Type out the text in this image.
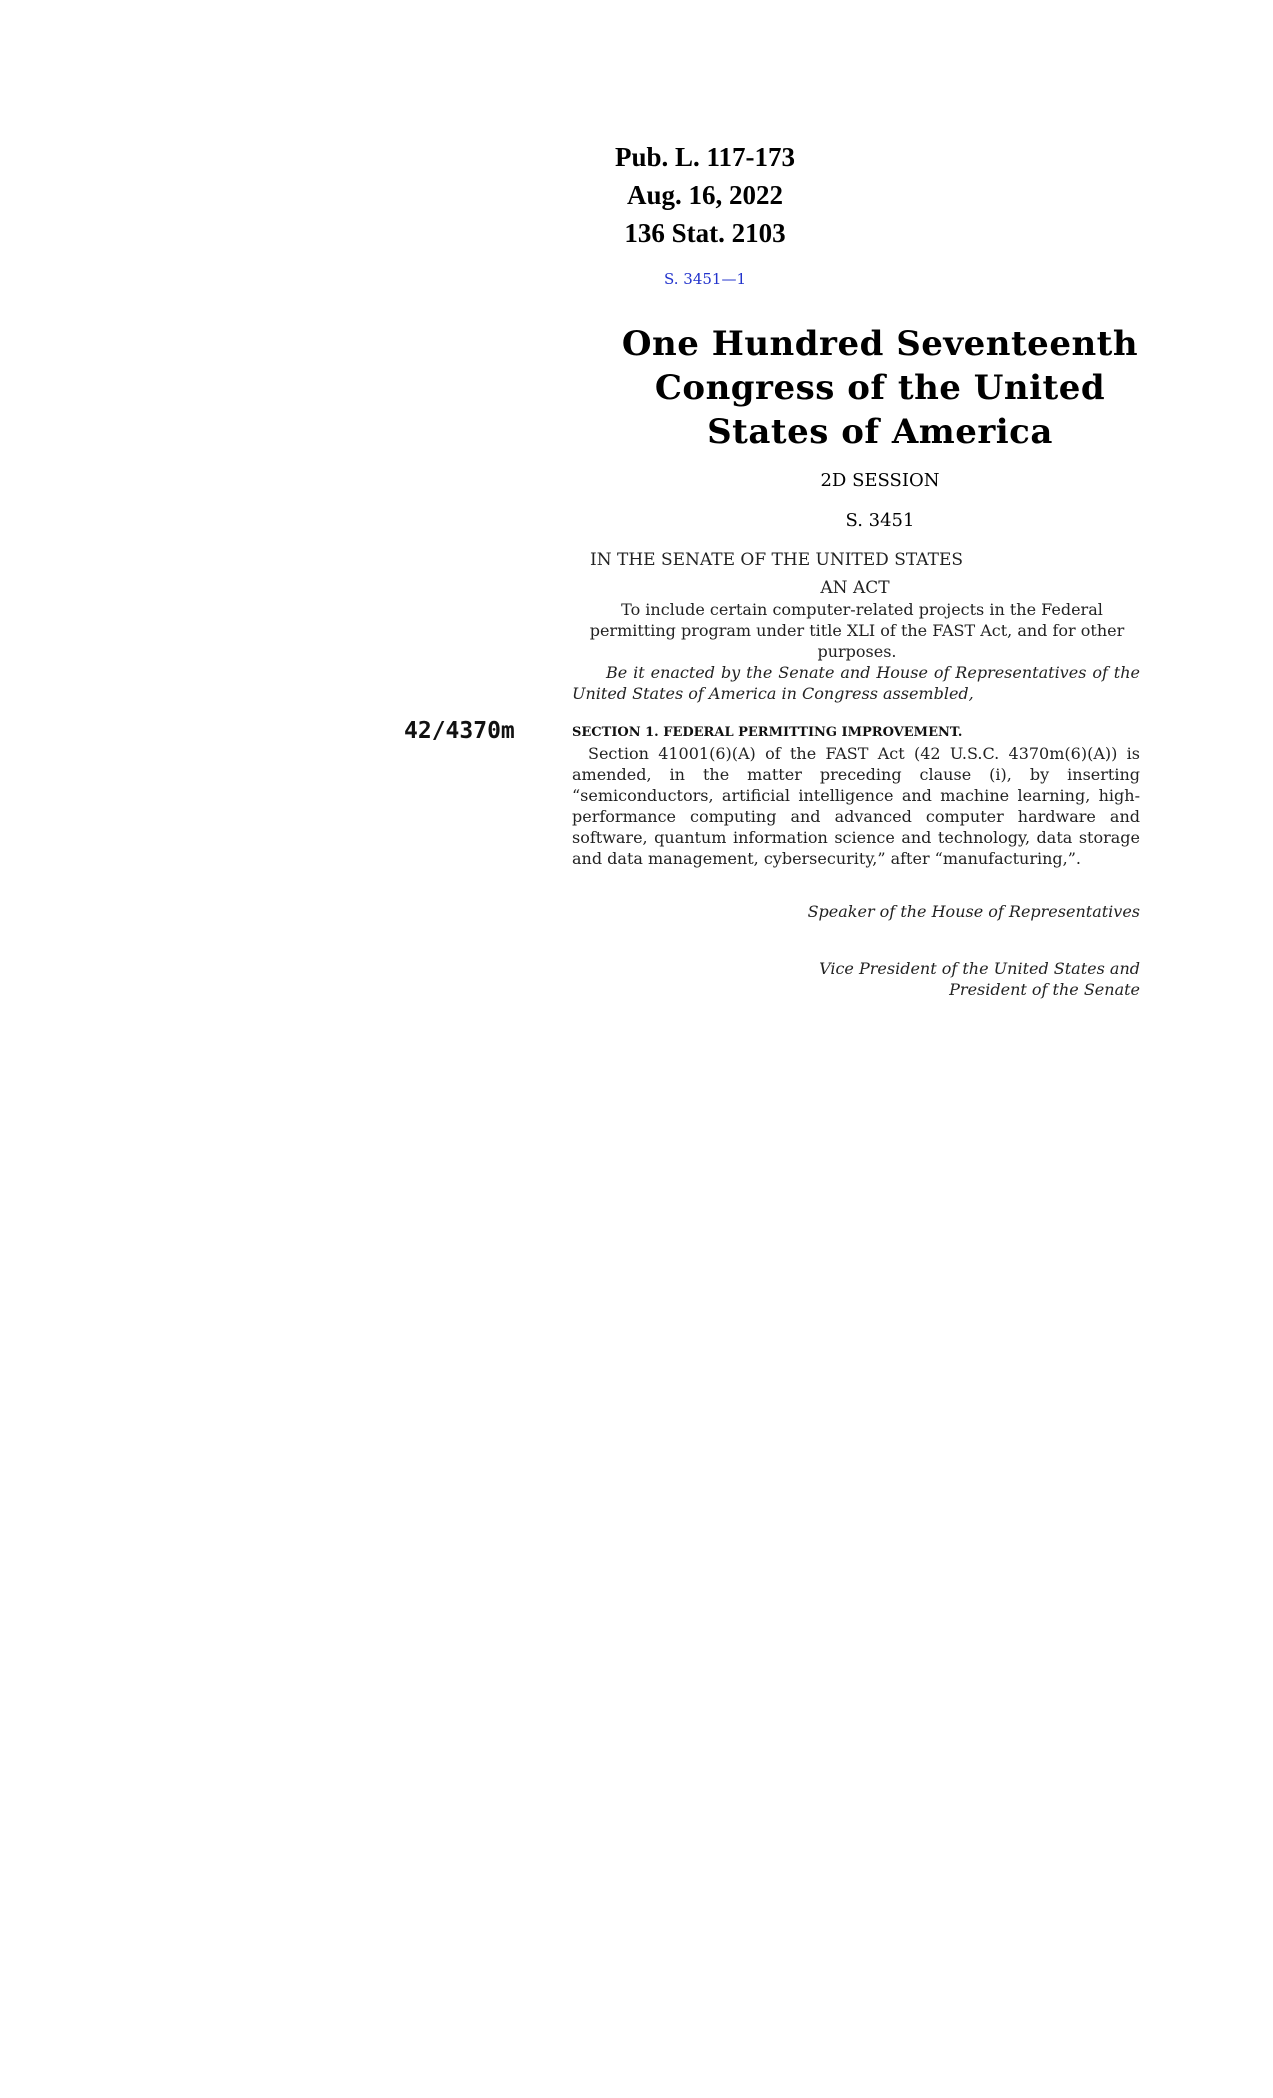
Pub. L. 117-173
Aug. 16, 2022
136 Stat. 2103
S. 3451—1
One Hundred Seventeenth Congress of the United States of America
2D SESSION
S. 3451
IN THE SENATE OF THE UNITED STATES
AN ACT
To include certain computer-related projects in the Federal permitting program under title XLI of the FAST Act, and for other purposes.
Be it enacted by the Senate and House of Representatives of the United States of America in Congress assembled,
42/4370m	SECTION 1. FEDERAL PERMITTING IMPROVEMENT.
Section 41001(6)(A) of the FAST Act (42 U.S.C. 4370m(6)(A)) is amended, in the matter preceding clause (i), by inserting “semiconductors, artificial intelligence and machine learning, high-performance computing and advanced computer hardware and software, quantum information science and technology, data storage and data management, cybersecurity,” after “manufacturing,”.
Speaker of the House of Representatives
Vice President of the United States and
President of the Senate
